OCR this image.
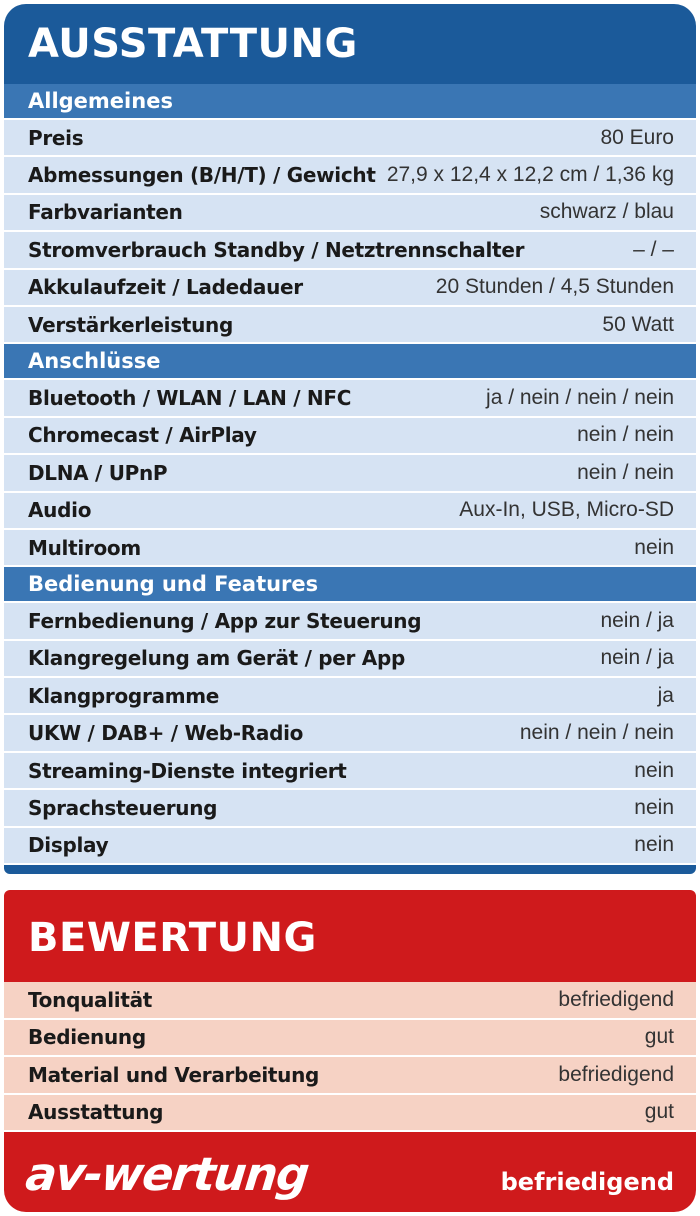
AUSSTATTUNG
Allgemeines
Preis	80 Euro
Abmessungen (B/H/T) / Gewicht 27,9 x 12,4 x 12,2 cm / 1,36 kg
Farbvarianten	schwarz / blau
Stromverbrauch Standby / Netztrennschalter	– / –
Akkulaufzeit / Ladedauer	20 Stunden / 4,5 Stunden
Verstärkerleistung	50 Watt
Anschlüsse
Bluetooth / WLAN / LAN / NFC	ja / nein / nein / nein
Chromecast / AirPlay	nein / nein
DLNA / UPnP	nein / nein
Audio	Aux-In, USB, Micro-SD
Multiroom	nein
Bedienung und Features
Fernbedienung / App zur Steuerung	nein / ja
Klangregelung am Gerät / per App	nein / ja
Klangprogramme	ja
UKW / DAB+ / Web-Radio	nein / nein / nein
Streaming-Dienste integriert	nein
Sprachsteuerung	nein
Display	nein
BEWERTUNG
Tonqualität	befriedigend
Bedienung	gut
Material und Verarbeitung	befriedigend
Ausstattung	gut
av-wertung	befriedigend
